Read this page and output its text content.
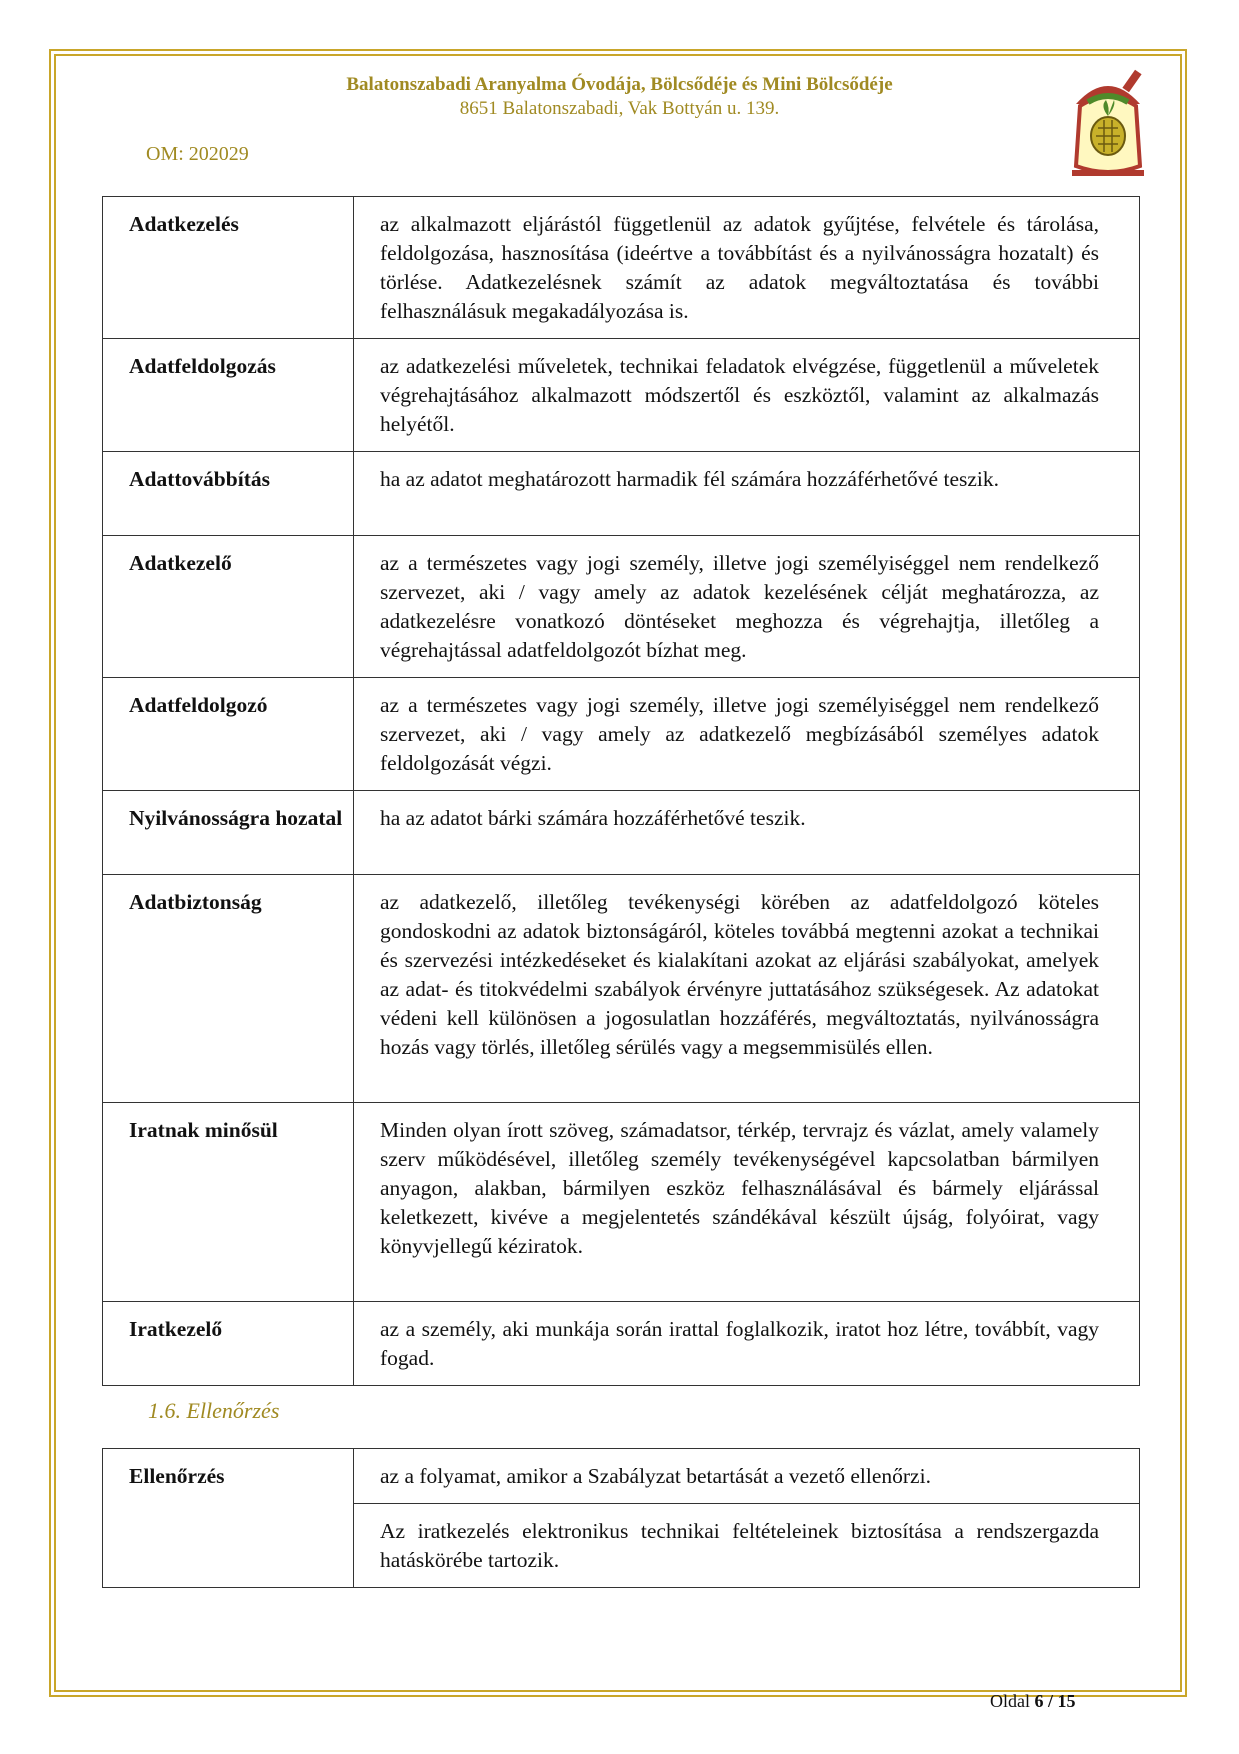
Balatonszabadi Aranyalma Óvodája, Bölcsődéje és Mini Bölcsődéje
8651 Balatonszabadi, Vak Bottyán u. 139.
OM: 202029
Adatkezelés	az alkalmazott eljárástól függetlenül az adatok gyűjtése, felvétele és tárolása, feldolgozása, hasznosítása (ideértve a továbbítást és a nyilvánosságra hozatalt) és törlése. Adatkezelésnek számít az adatok megváltoztatása és további felhasználásuk megakadályozása is.
Adatfeldolgozás	az adatkezelési műveletek, technikai feladatok elvégzése, függetlenül a műveletek végrehajtásához alkalmazott módszertől és eszköztől, valamint az alkalmazás helyétől.
Adattovábbítás	ha az adatot meghatározott harmadik fél számára hozzáférhetővé teszik.
Adatkezelő	az a természetes vagy jogi személy, illetve jogi személyiséggel nem rendelkező szervezet, aki / vagy amely az adatok kezelésének célját meghatározza, az adatkezelésre vonatkozó döntéseket meghozza és végrehajtja, illetőleg a végrehajtással adatfeldolgozót bízhat meg.
Adatfeldolgozó	az a természetes vagy jogi személy, illetve jogi személyiséggel nem rendelkező szervezet, aki / vagy amely az adatkezelő megbízásából személyes adatok feldolgozását végzi.
Nyilvánosságra hozatal	ha az adatot bárki számára hozzáférhetővé teszik.
Adatbiztonság	az adatkezelő, illetőleg tevékenységi körében az adatfeldolgozó köteles gondoskodni az adatok biztonságáról, köteles továbbá megtenni azokat a technikai és szervezési intézkedéseket és kialakítani azokat az eljárási szabályokat, amelyek az adat- és titokvédelmi szabályok érvényre juttatásához szükségesek. Az adatokat védeni kell különösen a jogosulatlan hozzáférés, megváltoztatás, nyilvánosságra hozás vagy törlés, illetőleg sérülés vagy a megsemmisülés ellen.
Iratnak minősül	Minden olyan írott szöveg, számadatsor, térkép, tervrajz és vázlat, amely valamely szerv működésével, illetőleg személy tevékenységével kapcsolatban bármilyen anyagon, alakban, bármilyen eszköz felhasználásával és bármely eljárással keletkezett, kivéve a megjelentetés szándékával készült újság, folyóirat, vagy könyvjellegű kéziratok.
Iratkezelő	az a személy, aki munkája során irattal foglalkozik, iratot hoz létre, továbbít, vagy fogad.
1.6. Ellenőrzés
Ellenőrzés	az a folyamat, amikor a Szabályzat betartását a vezető ellenőrzi.
Az iratkezelés elektronikus technikai feltételeinek biztosítása a rendszergazda hatáskörébe tartozik.
Oldal 6 / 15
